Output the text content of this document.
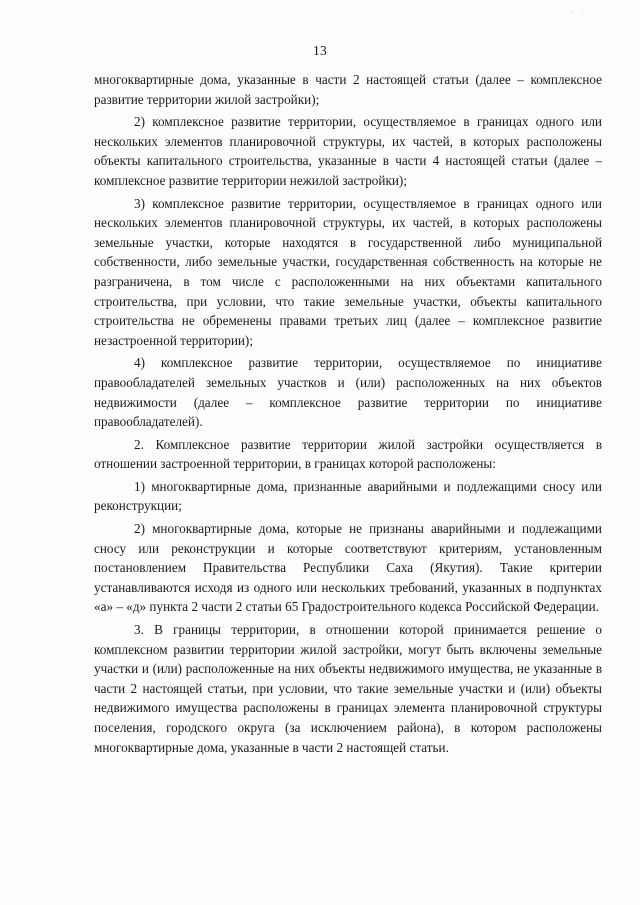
· ·
13

многоквартирные дома, указанные в части 2 настоящей статьи (далее – комплексное развитие территории жилой застройки);

2) комплексное развитие территории, осуществляемое в границах одного или нескольких элементов планировочной структуры, их частей, в которых расположены объекты капитального строительства, указанные в части 4 настоящей статьи (далее – комплексное развитие территории нежилой застройки);

3) комплексное развитие территории, осуществляемое в границах одного или нескольких элементов планировочной структуры, их частей, в которых расположены земельные участки, которые находятся в государственной либо муниципальной собственности, либо земельные участки, государственная собственность на которые не разграничена, в том числе с расположенными на них объектами капитального строительства, при условии, что такие земельные участки, объекты капитального строительства не обременены правами третьих лиц (далее – комплексное развитие незастроенной территории);

4) комплексное развитие территории, осуществляемое по инициативе правообладателей земельных участков и (или) расположенных на них объектов недвижимости (далее – комплексное развитие территории по инициативе правообладателей).

2. Комплексное развитие территории жилой застройки осуществляется в отношении застроенной территории, в границах которой расположены:

1) многоквартирные дома, признанные аварийными и подлежащими сносу или реконструкции;

2) многоквартирные дома, которые не признаны аварийными и подлежащими сносу или реконструкции и которые соответствуют критериям, установленным постановлением Правительства Республики Саха (Якутия). Такие критерии устанавливаются исходя из одного или нескольких требований, указанных в подпунктах «а» – «д» пункта 2 части 2 статьи 65 Градостроительного кодекса Российской Федерации.

3. В границы территории, в отношении которой принимается решение о комплексном развитии территории жилой застройки, могут быть включены земельные участки и (или) расположенные на них объекты недвижимого имущества, не указанные в части 2 настоящей статьи, при условии, что такие земельные участки и (или) объекты недвижимого имущества расположены в границах элемента планировочной структуры поселения, городского округа (за исключением района), в котором расположены многоквартирные дома, указанные в части 2 настоящей статьи.
